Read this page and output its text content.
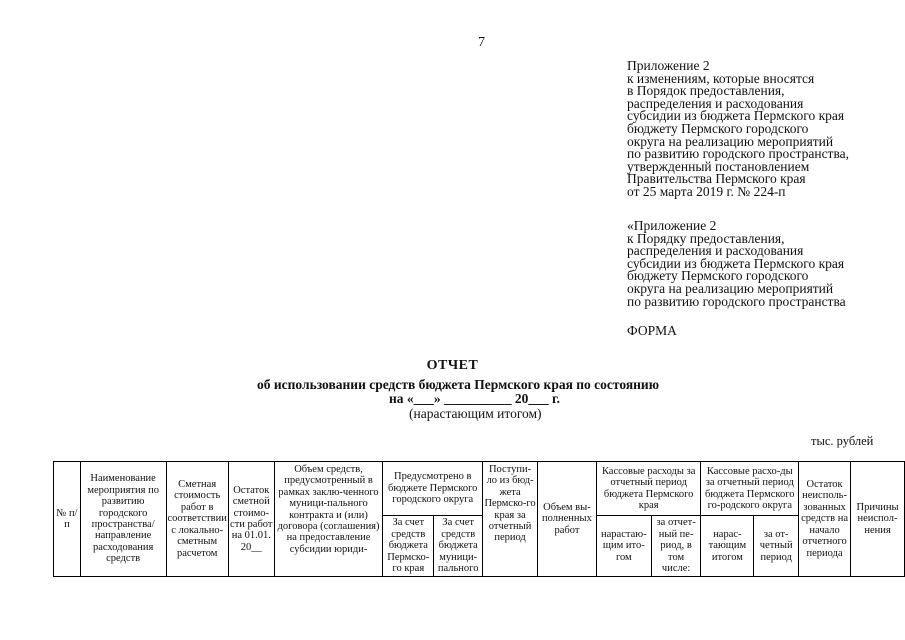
7
Приложение 2
к изменениям, которые вносятся
в Порядок предоставления,
распределения и расходования
субсидии из бюджета Пермского края
бюджету Пермского городского
округа на реализацию мероприятий
по развитию городского пространства,
утвержденный постановлением
Правительства Пермского края
от 25 марта 2019 г. № 224-п
«Приложение 2
к Порядку предоставления,
распределения и расходования
субсидии из бюджета Пермского края
бюджету Пермского городского
округа на реализацию мероприятий
по развитию городского пространства
ФОРМА
ОТЧЕТ
об использовании средств бюджета Пермского края по состоянию
на «___» __________ 20___ г.
(нарастающим итогом)
тыс. рублей
№ п/п	Наименование мероприятия по развитию городского пространства/ направление расходования средств	Сметная стоимость работ в соответствии с локально-сметным расчетом	Остаток сметной стоимо-сти работ на 01.01. 20__	Объем средств, предусмотренный в рамках заклю-ченного муници-пального контракта и (или) договора (соглашения) на предоставление субсидии юриди-	Предусмотрено в бюджете Пермского городского округа		Поступи-ло из бюд-жета Пермско-го края за отчетный период	Объем вы-полненных работ	Кассовые расходы за отчетный период бюджета Пермского края		Кассовые расхо-ды за отчетный период бюджета Пермского го-родского округа		Остаток неисполь-зованных средств на начало отчетного периода	Причины неиспол-нения
					За счет средств бюджета Пермско-го края	За счет средств бюджета муници-пального			нарастаю-щим ито-гом	за отчет-ный пе-риод, в том числе:	нарас-тающим итогом	за от-четный период		
